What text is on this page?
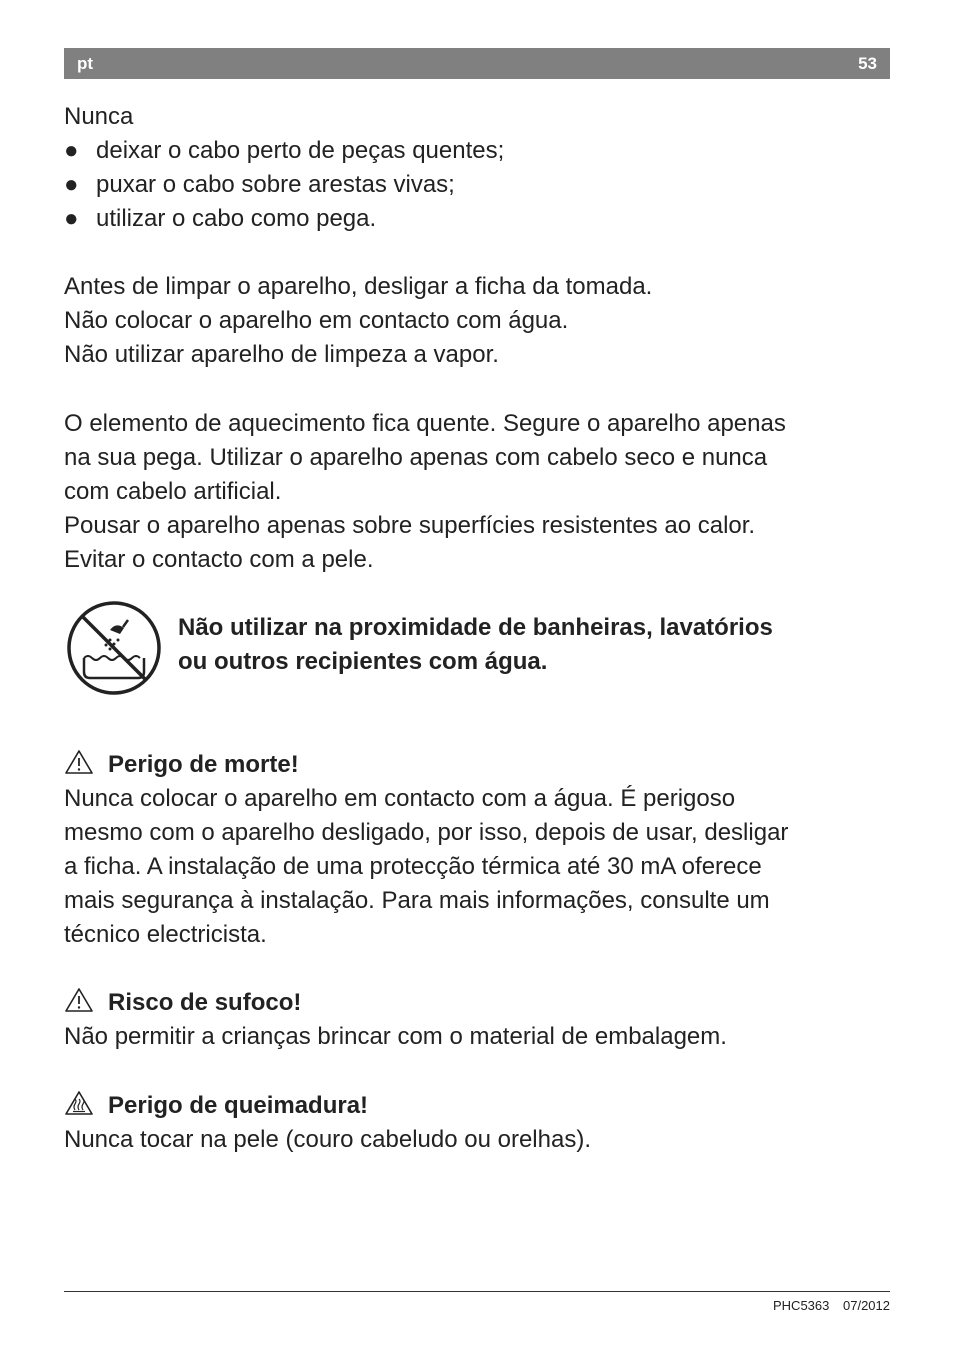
pt	53
Nunca
● deixar o cabo perto de peças quentes;
● puxar o cabo sobre arestas vivas;
● utilizar o cabo como pega.
Antes de limpar o aparelho, desligar a ficha da tomada.
Não colocar o aparelho em contacto com água.
Não utilizar aparelho de limpeza a vapor.
O elemento de aquecimento fica quente. Segure o aparelho apenas
na sua pega. Utilizar o aparelho apenas com cabelo seco e nunca
com cabelo artificial.
Pousar o aparelho apenas sobre superfícies resistentes ao calor.
Evitar o contacto com a pele.
Não utilizar na proximidade de banheiras, lavatórios
ou outros recipientes com água.
Perigo de morte!
Nunca colocar o aparelho em contacto com a água. É perigoso
mesmo com o aparelho desligado, por isso, depois de usar, desligar
a ficha. A instalação de uma protecção térmica até 30 mA oferece
mais segurança à instalação. Para mais informações, consulte um
técnico electricista.
Risco de sufoco!
Não permitir a crianças brincar com o material de embalagem.
Perigo de queimadura!
Nunca tocar na pele (couro cabeludo ou orelhas).
PHC5363 07/2012
